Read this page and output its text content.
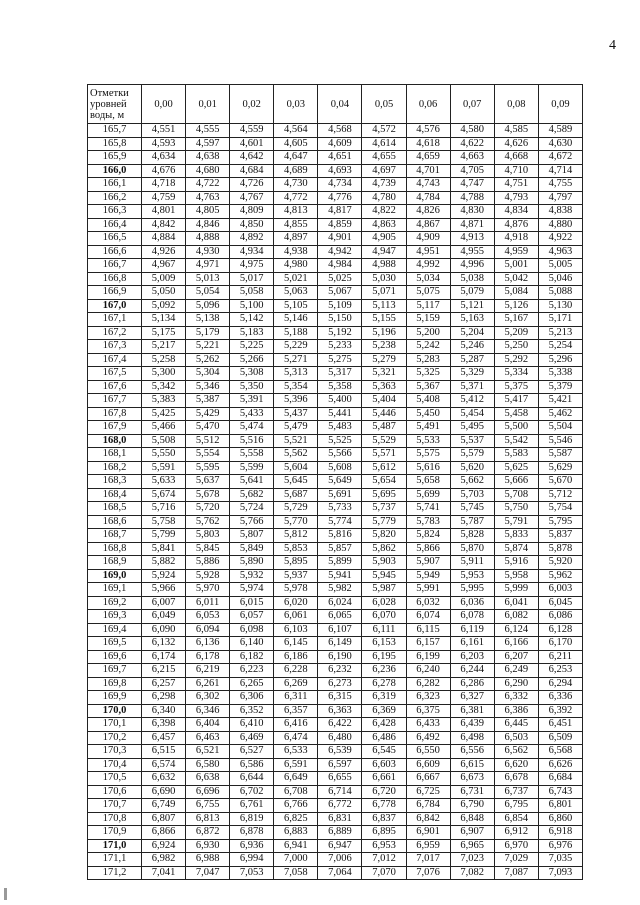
4
Отметки уровней воды, м	0,00	0,01	0,02	0,03	0,04	0,05	0,06	0,07	0,08	0,09
165,7	4,551	4,555	4,559	4,564	4,568	4,572	4,576	4,580	4,585	4,589
165,8	4,593	4,597	4,601	4,605	4,609	4,614	4,618	4,622	4,626	4,630
165,9	4,634	4,638	4,642	4,647	4,651	4,655	4,659	4,663	4,668	4,672
166,0	4,676	4,680	4,684	4,689	4,693	4,697	4,701	4,705	4,710	4,714
166,1	4,718	4,722	4,726	4,730	4,734	4,739	4,743	4,747	4,751	4,755
166,2	4,759	4,763	4,767	4,772	4,776	4,780	4,784	4,788	4,793	4,797
166,3	4,801	4,805	4,809	4,813	4,817	4,822	4,826	4,830	4,834	4,838
166,4	4,842	4,846	4,850	4,855	4,859	4,863	4,867	4,871	4,876	4,880
166,5	4,884	4,888	4,892	4,897	4,901	4,905	4,909	4,913	4,918	4,922
166,6	4,926	4,930	4,934	4,938	4,942	4,947	4,951	4,955	4,959	4,963
166,7	4,967	4,971	4,975	4,980	4,984	4,988	4,992	4,996	5,001	5,005
166,8	5,009	5,013	5,017	5,021	5,025	5,030	5,034	5,038	5,042	5,046
166,9	5,050	5,054	5,058	5,063	5,067	5,071	5,075	5,079	5,084	5,088
167,0	5,092	5,096	5,100	5,105	5,109	5,113	5,117	5,121	5,126	5,130
167,1	5,134	5,138	5,142	5,146	5,150	5,155	5,159	5,163	5,167	5,171
167,2	5,175	5,179	5,183	5,188	5,192	5,196	5,200	5,204	5,209	5,213
167,3	5,217	5,221	5,225	5,229	5,233	5,238	5,242	5,246	5,250	5,254
167,4	5,258	5,262	5,266	5,271	5,275	5,279	5,283	5,287	5,292	5,296
167,5	5,300	5,304	5,308	5,313	5,317	5,321	5,325	5,329	5,334	5,338
167,6	5,342	5,346	5,350	5,354	5,358	5,363	5,367	5,371	5,375	5,379
167,7	5,383	5,387	5,391	5,396	5,400	5,404	5,408	5,412	5,417	5,421
167,8	5,425	5,429	5,433	5,437	5,441	5,446	5,450	5,454	5,458	5,462
167,9	5,466	5,470	5,474	5,479	5,483	5,487	5,491	5,495	5,500	5,504
168,0	5,508	5,512	5,516	5,521	5,525	5,529	5,533	5,537	5,542	5,546
168,1	5,550	5,554	5,558	5,562	5,566	5,571	5,575	5,579	5,583	5,587
168,2	5,591	5,595	5,599	5,604	5,608	5,612	5,616	5,620	5,625	5,629
168,3	5,633	5,637	5,641	5,645	5,649	5,654	5,658	5,662	5,666	5,670
168,4	5,674	5,678	5,682	5,687	5,691	5,695	5,699	5,703	5,708	5,712
168,5	5,716	5,720	5,724	5,729	5,733	5,737	5,741	5,745	5,750	5,754
168,6	5,758	5,762	5,766	5,770	5,774	5,779	5,783	5,787	5,791	5,795
168,7	5,799	5,803	5,807	5,812	5,816	5,820	5,824	5,828	5,833	5,837
168,8	5,841	5,845	5,849	5,853	5,857	5,862	5,866	5,870	5,874	5,878
168,9	5,882	5,886	5,890	5,895	5,899	5,903	5,907	5,911	5,916	5,920
169,0	5,924	5,928	5,932	5,937	5,941	5,945	5,949	5,953	5,958	5,962
169,1	5,966	5,970	5,974	5,978	5,982	5,987	5,991	5,995	5,999	6,003
169,2	6,007	6,011	6,015	6,020	6,024	6,028	6,032	6,036	6,041	6,045
169,3	6,049	6,053	6,057	6,061	6,065	6,070	6,074	6,078	6,082	6,086
169,4	6,090	6,094	6,098	6,103	6,107	6,111	6,115	6,119	6,124	6,128
169,5	6,132	6,136	6,140	6,145	6,149	6,153	6,157	6,161	6,166	6,170
169,6	6,174	6,178	6,182	6,186	6,190	6,195	6,199	6,203	6,207	6,211
169,7	6,215	6,219	6,223	6,228	6,232	6,236	6,240	6,244	6,249	6,253
169,8	6,257	6,261	6,265	6,269	6,273	6,278	6,282	6,286	6,290	6,294
169,9	6,298	6,302	6,306	6,311	6,315	6,319	6,323	6,327	6,332	6,336
170,0	6,340	6,346	6,352	6,357	6,363	6,369	6,375	6,381	6,386	6,392
170,1	6,398	6,404	6,410	6,416	6,422	6,428	6,433	6,439	6,445	6,451
170,2	6,457	6,463	6,469	6,474	6,480	6,486	6,492	6,498	6,503	6,509
170,3	6,515	6,521	6,527	6,533	6,539	6,545	6,550	6,556	6,562	6,568
170,4	6,574	6,580	6,586	6,591	6,597	6,603	6,609	6,615	6,620	6,626
170,5	6,632	6,638	6,644	6,649	6,655	6,661	6,667	6,673	6,678	6,684
170,6	6,690	6,696	6,702	6,708	6,714	6,720	6,725	6,731	6,737	6,743
170,7	6,749	6,755	6,761	6,766	6,772	6,778	6,784	6,790	6,795	6,801
170,8	6,807	6,813	6,819	6,825	6,831	6,837	6,842	6,848	6,854	6,860
170,9	6,866	6,872	6,878	6,883	6,889	6,895	6,901	6,907	6,912	6,918
171,0	6,924	6,930	6,936	6,941	6,947	6,953	6,959	6,965	6,970	6,976
171,1	6,982	6,988	6,994	7,000	7,006	7,012	7,017	7,023	7,029	7,035
171,2	7,041	7,047	7,053	7,058	7,064	7,070	7,076	7,082	7,087	7,093
